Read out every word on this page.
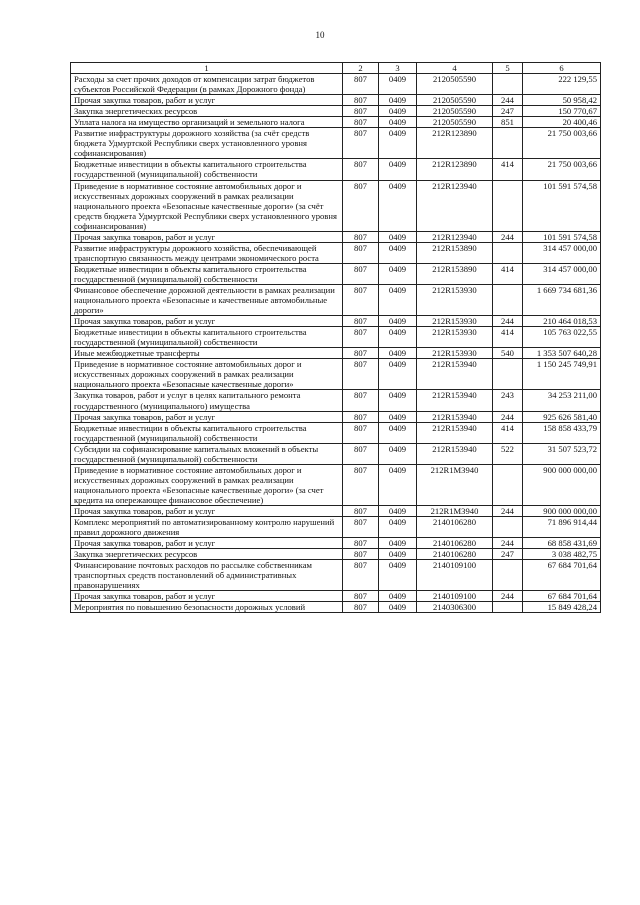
10
1	2	3	4	5	6
Расходы за счет прочих доходов от компенсации затрат бюджетов субъектов Российской Федерации (в рамках Дорожного фонда)	807	0409	2120505590		222 129,55
Прочая закупка товаров, работ и услуг	807	0409	2120505590	244	50 958,42
Закупка энергетических ресурсов	807	0409	2120505590	247	150 770,67
Уплата налога на имущество организаций и земельного налога	807	0409	2120505590	851	20 400,46
Развитие инфраструктуры дорожного хозяйства (за счёт средств бюджета Удмуртской Республики сверх установленного уровня софинансирования)	807	0409	212R123890		21 750 003,66
Бюджетные инвестиции в объекты капитального строительства государственной (муниципальной) собственности	807	0409	212R123890	414	21 750 003,66
Приведение в нормативное состояние автомобильных дорог и искусственных дорожных сооружений в рамках реализации национального проекта «Безопасные качественные дороги» (за счёт средств бюджета Удмуртской Республики сверх установленного уровня софинансирования)	807	0409	212R123940		101 591 574,58
Прочая закупка товаров, работ и услуг	807	0409	212R123940	244	101 591 574,58
Развитие инфраструктуры дорожного хозяйства, обеспечивающей транспортную связанность между центрами экономического роста	807	0409	212R153890		314 457 000,00
Бюджетные инвестиции в объекты капитального строительства государственной (муниципальной) собственности	807	0409	212R153890	414	314 457 000,00
Финансовое обеспечение дорожной деятельности в рамках реализации национального проекта «Безопасные и качественные автомобильные дороги»	807	0409	212R153930		1 669 734 681,36
Прочая закупка товаров, работ и услуг	807	0409	212R153930	244	210 464 018,53
Бюджетные инвестиции в объекты капитального строительства государственной (муниципальной) собственности	807	0409	212R153930	414	105 763 022,55
Иные межбюджетные трансферты	807	0409	212R153930	540	1 353 507 640,28
Приведение в нормативное состояние автомобильных дорог и искусственных дорожных сооружений в рамках реализации национального проекта «Безопасные качественные дороги»	807	0409	212R153940		1 150 245 749,91
Закупка товаров, работ и услуг в целях капитального ремонта государственного (муниципального) имущества	807	0409	212R153940	243	34 253 211,00
Прочая закупка товаров, работ и услуг	807	0409	212R153940	244	925 626 581,40
Бюджетные инвестиции в объекты капитального строительства государственной (муниципальной) собственности	807	0409	212R153940	414	158 858 433,79
Субсидии на софинансирование капитальных вложений в объекты государственной (муниципальной) собственности	807	0409	212R153940	522	31 507 523,72
Приведение в нормативное состояние автомобильных дорог и искусственных дорожных сооружений в рамках реализации национального проекта «Безопасные качественные дороги» (за счет кредита на опережающее финансовое обеспечение)	807	0409	212R1M3940		900 000 000,00
Прочая закупка товаров, работ и услуг	807	0409	212R1M3940	244	900 000 000,00
Комплекс мероприятий по автоматизированному контролю нарушений правил дорожного движения	807	0409	2140106280		71 896 914,44
Прочая закупка товаров, работ и услуг	807	0409	2140106280	244	68 858 431,69
Закупка энергетических ресурсов	807	0409	2140106280	247	3 038 482,75
Финансирование почтовых расходов по рассылке собственникам транспортных средств постановлений об административных правонарушениях	807	0409	2140109100		67 684 701,64
Прочая закупка товаров, работ и услуг	807	0409	2140109100	244	67 684 701,64
Мероприятия по повышению безопасности дорожных условий	807	0409	2140306300		15 849 428,24
